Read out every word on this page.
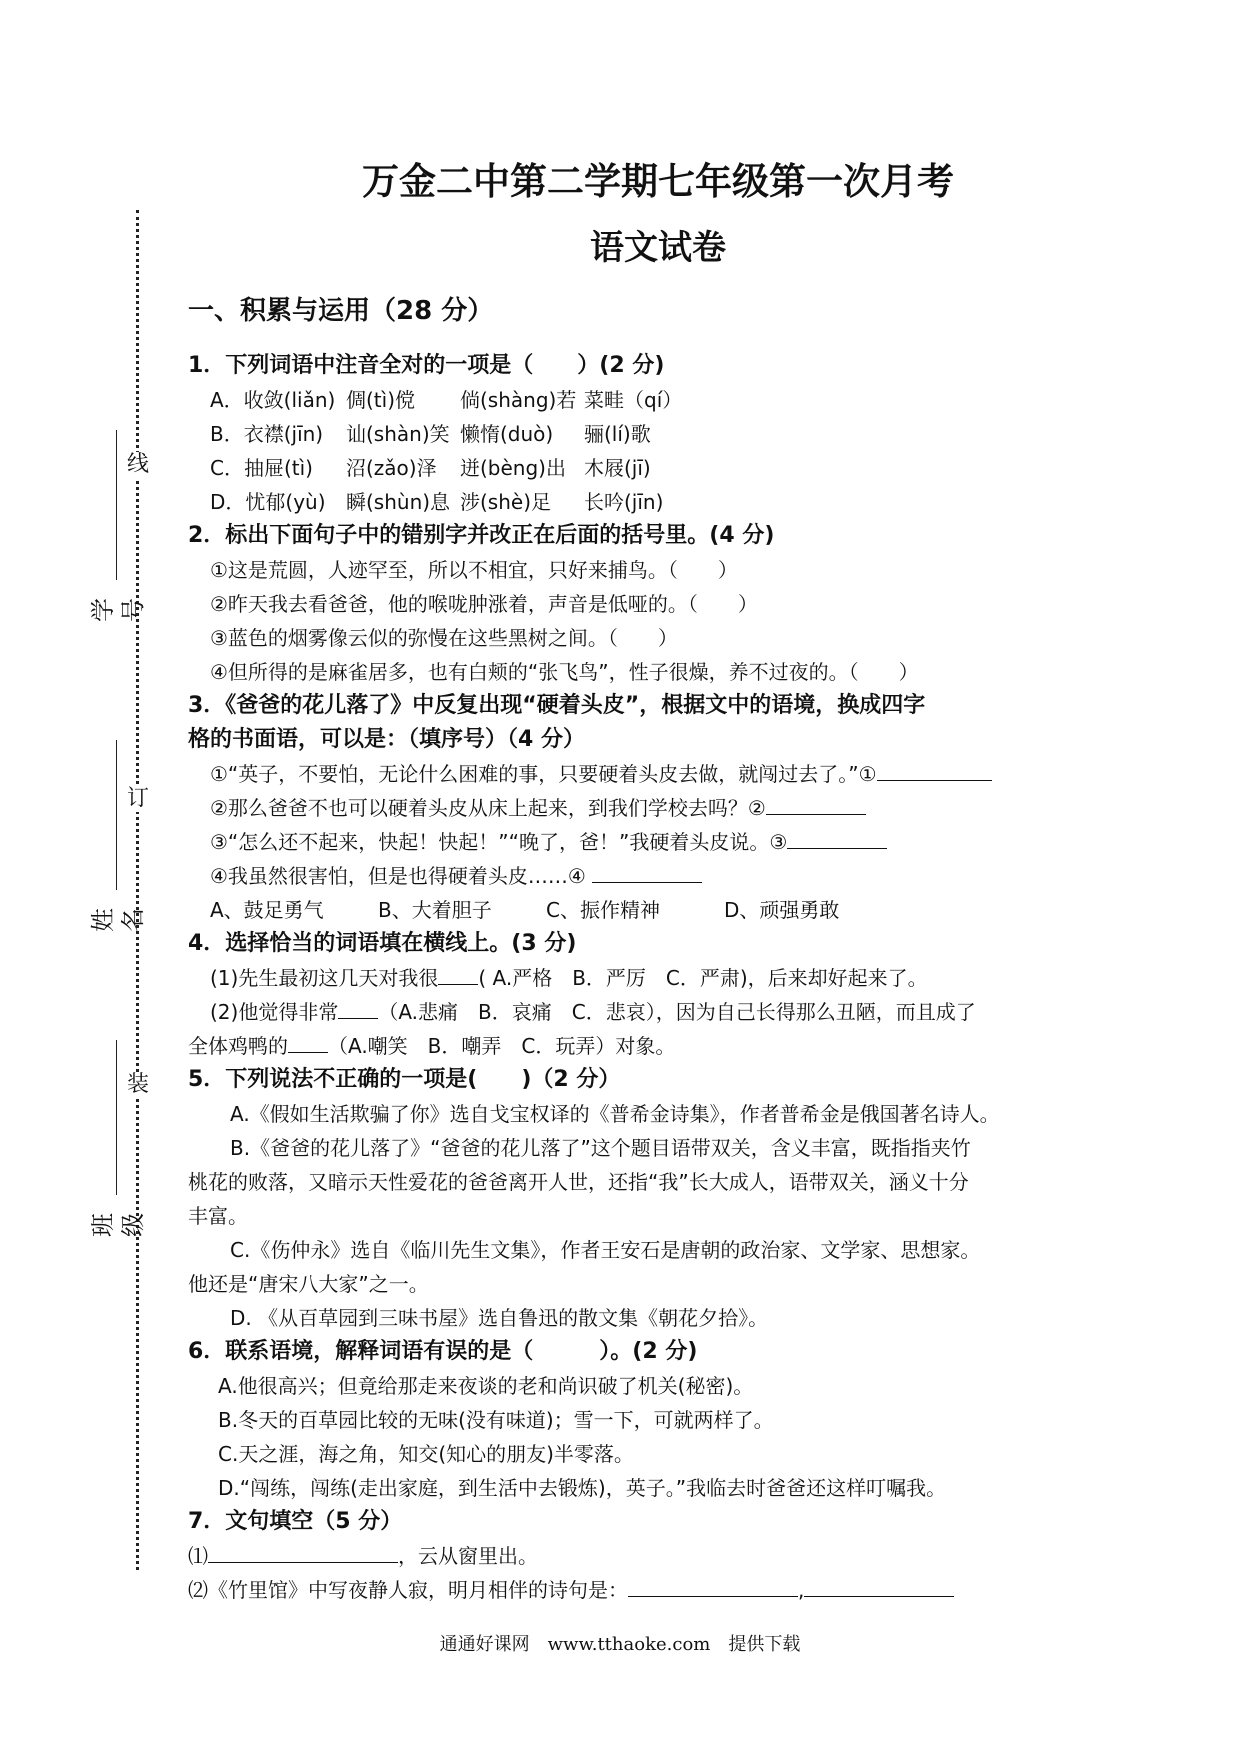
线
订
装
学号
姓名
班级
万金二中第二学期七年级第一次月考
语文试卷
一、积累与运用（28 分）
1．下列词语中注音全对的一项是（　　）(2 分)
A．收敛(liǎn) 倜(tì)傥 倘(shàng)若 菜畦（qí）
B．衣襟(jīn) 讪(shàn)笑 懒惰(duò) 骊(lí)歌
C．抽屉(tì) 沼(zǎo)泽 迸(bèng)出 木屐(jī)
D．忧郁(yù) 瞬(shùn)息 涉(shè)足 长吟(jīn)
2．标出下面句子中的错别字并改正在后面的括号里。(4 分)
①这是荒圆，人迹罕至，所以不相宜，只好来捕鸟。（　　）
②昨天我去看爸爸，他的喉咙肿涨着，声音是低哑的。（　　）
③蓝色的烟雾像云似的弥慢在这些黑树之间。（　　）
④但所得的是麻雀居多，也有白颊的“张飞鸟”，性子很燥，养不过夜的。（　　）
3．《爸爸的花儿落了》中反复出现“硬着头皮”，根据文中的语境，换成四字
格的书面语，可以是：（填序号）（4 分）
①“英子，不要怕，无论什么困难的事，只要硬着头皮去做，就闯过去了。”①
②那么爸爸不也可以硬着头皮从床上起来，到我们学校去吗？②
③“怎么还不起来，快起！快起！”“晚了，爸！”我硬着头皮说。③
④我虽然很害怕，但是也得硬着头皮……④
A、鼓足勇气	B、大着胆子	C、振作精神	D、顽强勇敢
4．选择恰当的词语填在横线上。(3 分)
(1)先生最初这几天对我很 ( A.严格　B．严厉　C．严肃)，后来却好起来了。
(2)他觉得非常 （A.悲痛　B．哀痛　C．悲哀），因为自己长得那么丑陋，而且成了
全体鸡鸭的 （A.嘲笑　B．嘲弄　C．玩弄）对象。
5．下列说法不正确的一项是(　　)（2 分）
A.《假如生活欺骗了你》选自戈宝权译的《普希金诗集》，作者普希金是俄国著名诗人。
B.《爸爸的花儿落了》“爸爸的花儿落了”这个题目语带双关，含义丰富，既指指夹竹
桃花的败落，又暗示天性爱花的爸爸离开人世，还指“我”长大成人，语带双关，涵义十分
丰富。
C.《伤仲永》选自《临川先生文集》，作者王安石是唐朝的政治家、文学家、思想家。
他还是“唐宋八大家”之一。
D. 《从百草园到三味书屋》选自鲁迅的散文集《朝花夕拾》。
6．联系语境，解释词语有误的是（　　　）。(2 分)
A.他很高兴；但竟给那走来夜谈的老和尚识破了机关(秘密)。
B.冬天的百草园比较的无味(没有味道)；雪一下，可就两样了。
C.天之涯，海之角，知交(知心的朋友)半零落。
D.“闯练，闯练(走出家庭，到生活中去锻炼)，英子。”我临去时爸爸还这样叮嘱我。
7．文句填空（5 分）
⑴	，云从窗里出。
⑵《竹里馆》中写夜静人寂，明月相伴的诗句是：	,
通通好课网　www.tthaoke.com　提供下载
